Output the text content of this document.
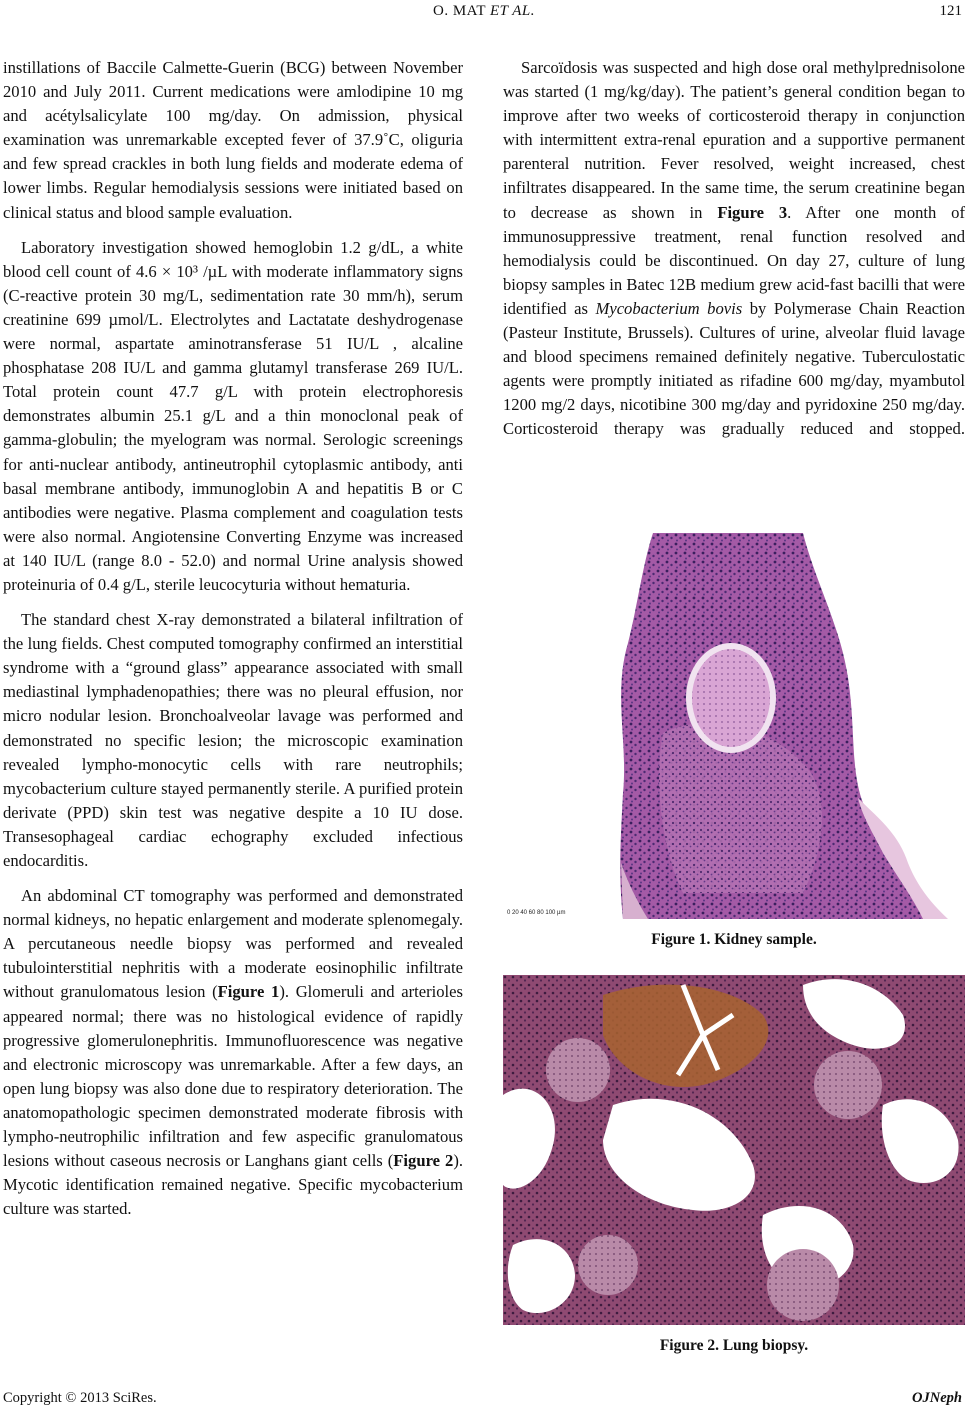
O. MAT ET AL.	121

instillations of Baccile Calmette-Guerin (BCG) between November 2010 and July 2011. Current medications were amlodipine 10 mg and acétylsalicylate 100 mg/day. On admission, physical examination was unremarkable excepted fever of 37.9˚C, oliguria and few spread crackles in both lung fields and moderate edema of lower limbs. Regular hemodialysis sessions were initiated based on clinical status and blood sample evaluation.

Laboratory investigation showed hemoglobin 1.2 g/dL, a white blood cell count of 4.6 × 10³ /µL with moderate inflammatory signs (C-reactive protein 30 mg/L, sedimentation rate 30 mm/h), serum creatinine 699 µmol/L. Electrolytes and Lactatate deshydrogenase were normal, aspartate aminotransferase 51 IU/L , alcaline phosphatase 208 IU/L and gamma glutamyl transferase 269 IU/L. Total protein count 47.7 g/L with protein electrophoresis demonstrates albumin 25.1 g/L and a thin monoclonal peak of gamma-globulin; the myelogram was normal. Serologic screenings for anti-nuclear antibody, antineutrophil cytoplasmic antibody, anti basal membrane antibody, immunoglobin A and hepatitis B or C antibodies were negative. Plasma complement and coagulation tests were also normal. Angiotensine Converting Enzyme was increased at 140 IU/L (range 8.0 - 52.0) and normal Urine analysis showed proteinuria of 0.4 g/L, sterile leucocyturia without hematuria.

The standard chest X-ray demonstrated a bilateral infiltration of the lung fields. Chest computed tomography confirmed an interstitial syndrome with a “ground glass” appearance associated with small mediastinal lymphadenopathies; there was no pleural effusion, nor micro nodular lesion. Bronchoalveolar lavage was performed and demonstrated no specific lesion; the microscopic examination revealed lympho-monocytic cells with rare neutrophils; mycobacterium culture stayed permanently sterile. A purified protein derivate (PPD) skin test was negative despite a 10 IU dose. Transesophageal cardiac echography excluded infectious endocarditis.

An abdominal CT tomography was performed and demonstrated normal kidneys, no hepatic enlargement and moderate splenomegaly. A percutaneous needle biopsy was performed and revealed tubulointerstitial nephritis with a moderate eosinophilic infiltrate without granulomatous lesion (Figure 1). Glomeruli and arterioles appeared normal; there was no histological evidence of rapidly progressive glomerulonephritis. Immunofluorescence was negative and electronic microscopy was unremarkable. After a few days, an open lung biopsy was also done due to respiratory deterioration. The anatomopathologic specimen demonstrated moderate fibrosis with lympho-neutrophilic infiltration and few aspecific granulomatous lesions without caseous necrosis or Langhans giant cells (Figure 2). Mycotic identification remained negative. Specific mycobacterium culture was started.

Sarcoïdosis was suspected and high dose oral methylprednisolone was started (1 mg/kg/day). The patient’s general condition began to improve after two weeks of corticosteroid therapy in conjunction with intermittent extra-renal epuration and a supportive permanent parenteral nutrition. Fever resolved, weight increased, chest infiltrates disappeared. In the same time, the serum creatinine began to decrease as shown in Figure 3. After one month of immunosuppressive treatment, renal function resolved and hemodialysis could be discontinued. On day 27, culture of lung biopsy samples in Batec 12B medium grew acid-fast bacilli that were identified as Mycobacterium bovis by Polymerase Chain Reaction (Pasteur Institute, Brussels). Cultures of urine, alveolar fluid lavage and blood specimens remained definitely negative. Tuberculostatic agents were promptly initiated as rifadine 600 mg/day, myambutol 1200 mg/2 days, nicotibine 300 mg/day and pyridoxine 250 mg/day. Corticosteroid therapy was gradually reduced and stopped.

0 20 40 60 80 100 µm
Figure 1. Kidney sample.
Figure 2. Lung biopsy.
Copyright © 2013 SciRes.	OJNeph
